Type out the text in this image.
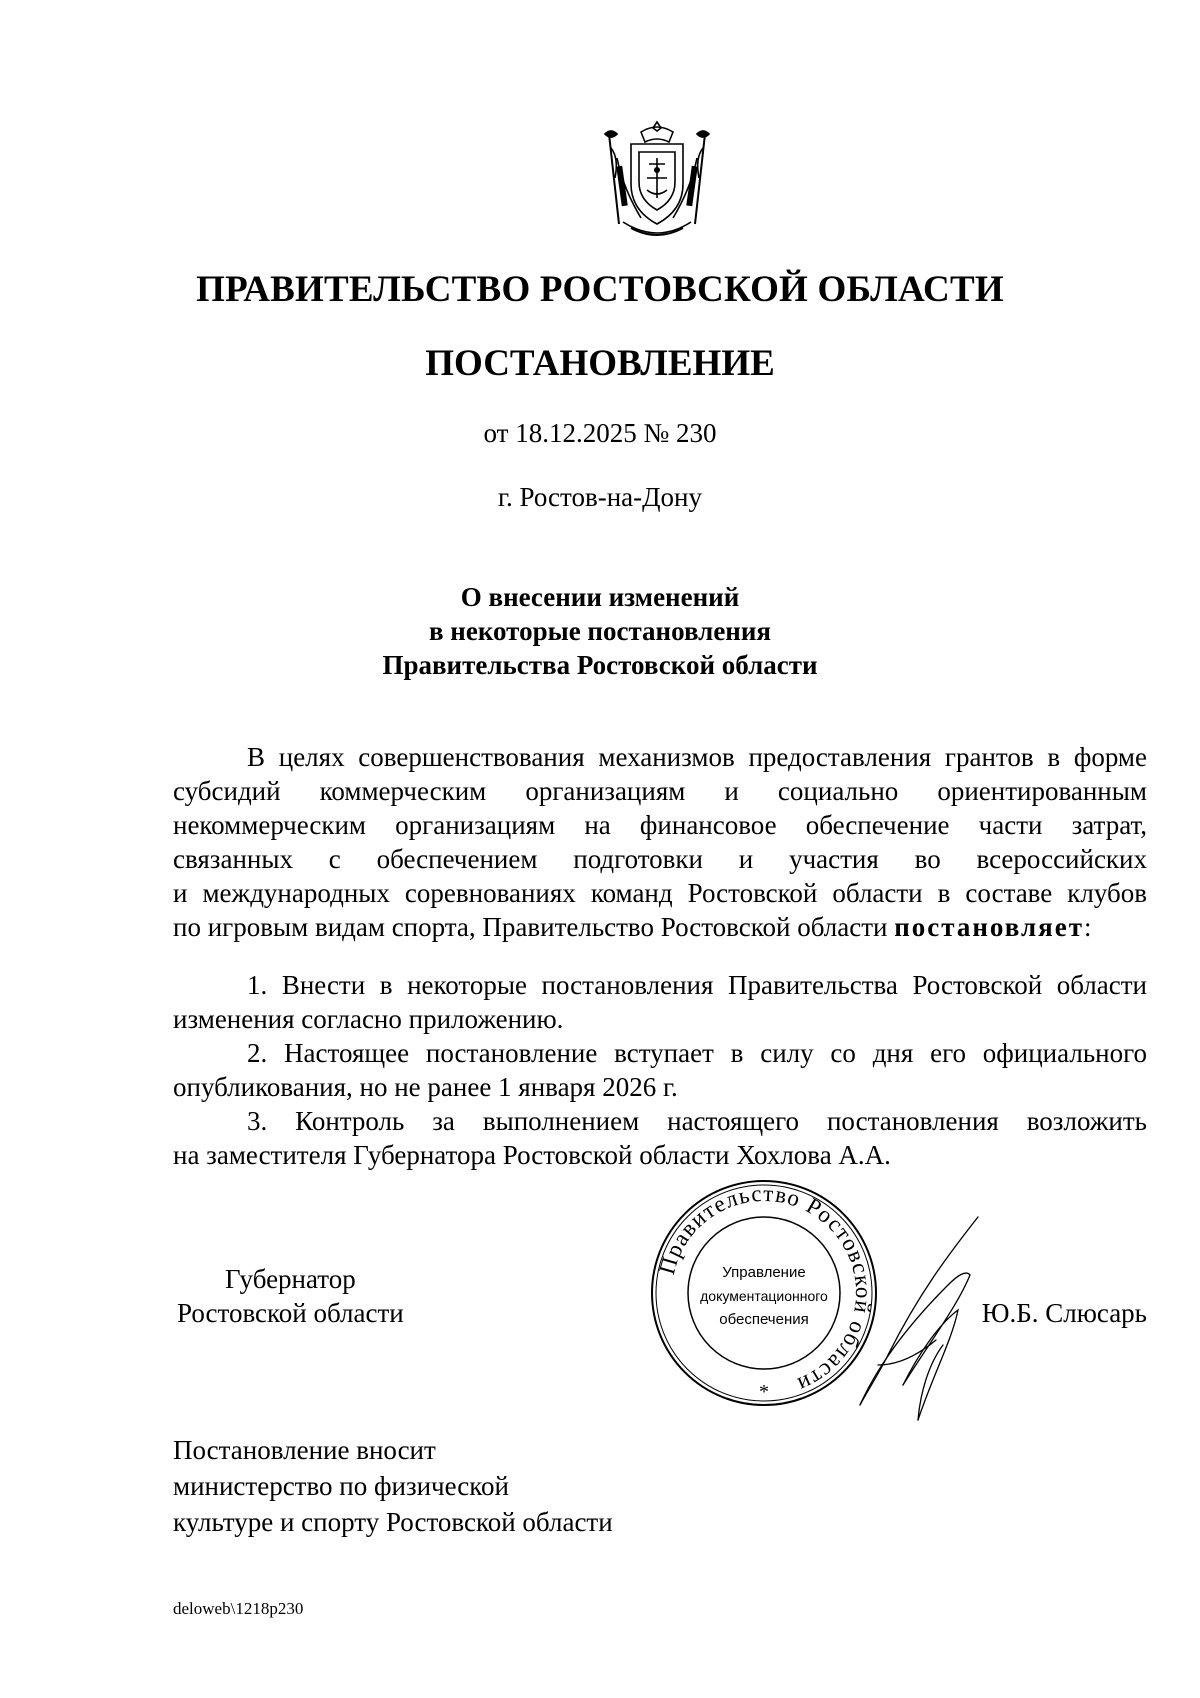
ПРАВИТЕЛЬСТВО РОСТОВСКОЙ ОБЛАСТИ
ПОСТАНОВЛЕНИЕ
от 18.12.2025 № 230
г. Ростов-на-Дону
О внесении изменений
в некоторые постановления
Правительства Ростовской области
В целях совершенствования механизмов предоставления грантов в форме
субсидий коммерческим организациям и социально ориентированным
некоммерческим организациям на финансовое обеспечение части затрат,
связанных с обеспечением подготовки и участия во всероссийских
и международных соревнованиях команд Ростовской области в составе клубов
по игровым видам спорта, Правительство Ростовской области постановляет:
1. Внести в некоторые постановления Правительства Ростовской области
изменения согласно приложению.
2. Настоящее постановление вступает в силу со дня его официального
опубликования, но не ранее 1 января 2026 г.
3. Контроль за выполнением настоящего постановления возложить
на заместителя Губернатора Ростовской области Хохлова А.А.
Губернатор
Ростовской области
Правительство Ростовской области
Управление
документационного
обеспечения
*
Ю.Б. Слюсарь
Постановление вносит
министерство по физической
культуре и спорту Ростовской области
deloweb\1218p230
